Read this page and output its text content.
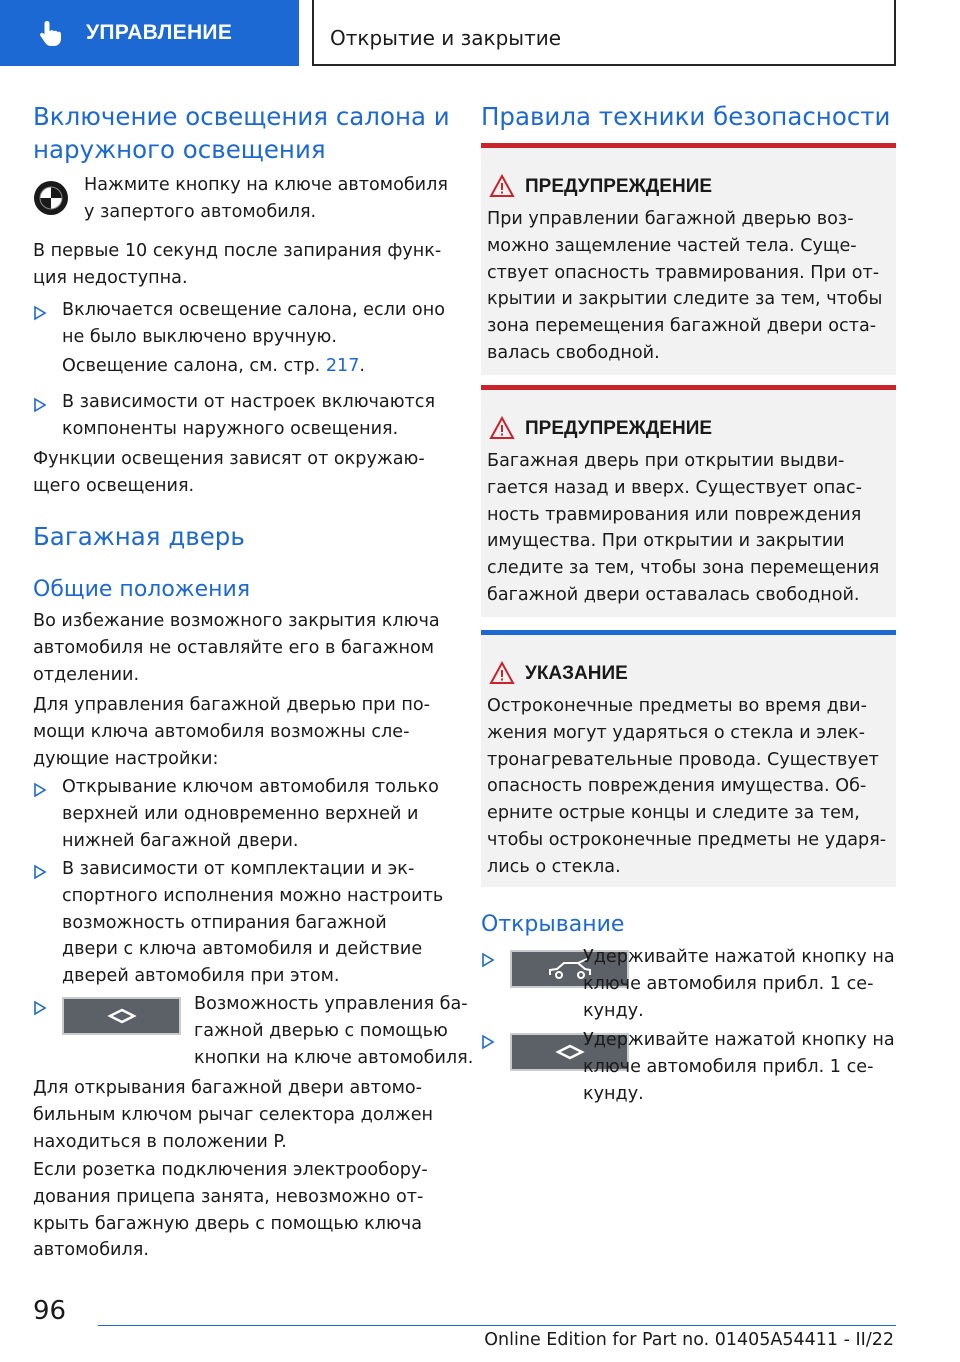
УПРАВЛЕНИЕ	Открытие и закрытие
Включение освещения салона и
наружного освещения
Нажмите кнопку на ключе автомобиля
у запертого автомобиля.
В первые 10 секунд после запирания функ-
ция недоступна.
Включается освещение салона, если оно
не было выключено вручную.
Освещение салона, см. стр. 217.
В зависимости от настроек включаются
компоненты наружного освещения.
Функции освещения зависят от окружаю-
щего освещения.
Багажная дверь
Общие положения
Во избежание возможного закрытия ключа
автомобиля не оставляйте его в багажном
отделении.
Для управления багажной дверью при по-
мощи ключа автомобиля возможны сле-
дующие настройки:
Открывание ключом автомобиля только
верхней или одновременно верхней и
нижней багажной двери.
В зависимости от комплектации и эк-
спортного исполнения можно настроить
возможность отпирания багажной
двери с ключа автомобиля и действие
дверей автомобиля при этом.
Возможность управления ба-
гажной дверью с помощью
кнопки на ключе автомобиля.
Для открывания багажной двери автомо-
бильным ключом рычаг селектора должен
находиться в положении P.
Если розетка подключения электрообору-
дования прицепа занята, невозможно от-
крыть багажную дверь с помощью ключа
автомобиля.
Правила техники безопасности
ПРЕДУПРЕЖДЕНИЕ
При управлении багажной дверью воз-
можно защемление частей тела. Суще-
ствует опасность травмирования. При от-
крытии и закрытии следите за тем, чтобы
зона перемещения багажной двери оста-
валась свободной.
ПРЕДУПРЕЖДЕНИЕ
Багажная дверь при открытии выдви-
гается назад и вверх. Существует опас-
ность травмирования или повреждения
имущества. При открытии и закрытии
следите за тем, чтобы зона перемещения
багажной двери оставалась свободной.
УКАЗАНИЕ
Остроконечные предметы во время дви-
жения могут ударяться о стекла и элек-
тронагревательные провода. Существует
опасность повреждения имущества. Об-
ерните острые концы и следите за тем,
чтобы остроконечные предметы не ударя-
лись о стекла.
Открывание
Удерживайте нажатой кнопку на
ключе автомобиля прибл. 1 се-
кунду.
Удерживайте нажатой кнопку на
ключе автомобиля прибл. 1 се-
кунду.
96
Online Edition for Part no. 01405A54411 - II/22
